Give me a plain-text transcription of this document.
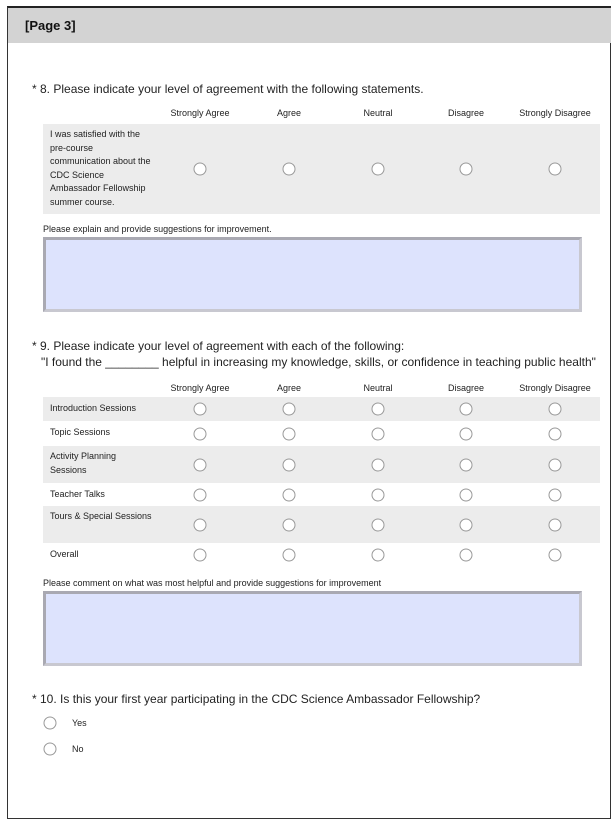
[Page 3]
* 8. Please indicate your level of agreement with the following statements.
Strongly Agree	Agree	Neutral	Disagree	Strongly Disagree
I was satisfied with the pre-course communication about the CDC Science Ambassador Fellowship summer course.
Please explain and provide suggestions for improvement.
* 9. Please indicate your level of agreement with each of the following:
"I found the ________ helpful in increasing my knowledge, skills, or confidence in teaching public health"
Strongly Agree	Agree	Neutral	Disagree	Strongly Disagree
Introduction Sessions
Topic Sessions
Activity Planning Sessions
Teacher Talks
Tours & Special Sessions
Overall
Please comment on what was most helpful and provide suggestions for improvement
* 10. Is this your first year participating in the CDC Science Ambassador Fellowship?
Yes
No
